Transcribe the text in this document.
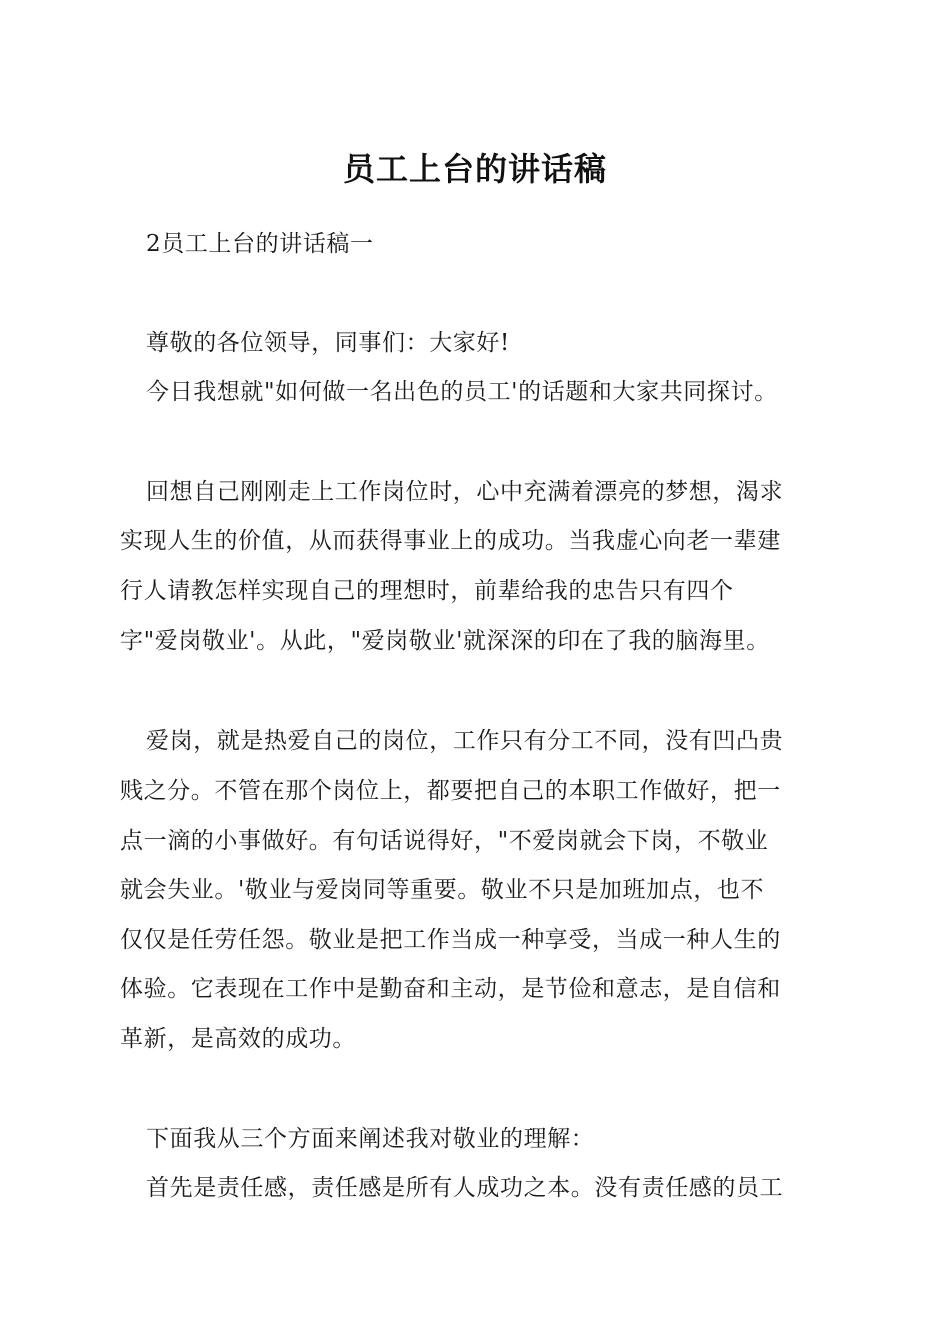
员工上台的讲话稿

2员工上台的讲话稿一

尊敬的各位领导，同事们：大家好!

今日我想就"如何做一名出色的员工'的话题和大家共同探讨。

回想自己刚刚走上工作岗位时，心中充满着漂亮的梦想，渴求

实现人生的价值，从而获得事业上的成功。当我虚心向老一辈建

行人请教怎样实现自己的理想时，前辈给我的忠告只有四个

字"爱岗敬业'。从此，"爱岗敬业'就深深的印在了我的脑海里。

爱岗，就是热爱自己的岗位，工作只有分工不同，没有凹凸贵

贱之分。不管在那个岗位上，都要把自己的本职工作做好，把一

点一滴的小事做好。有句话说得好，"不爱岗就会下岗，不敬业

就会失业。'敬业与爱岗同等重要。敬业不只是加班加点，也不

仅仅是任劳任怨。敬业是把工作当成一种享受，当成一种人生的

体验。它表现在工作中是勤奋和主动，是节俭和意志，是自信和

革新，是高效的成功。

下面我从三个方面来阐述我对敬业的理解：

首先是责任感，责任感是所有人成功之本。没有责任感的员工
